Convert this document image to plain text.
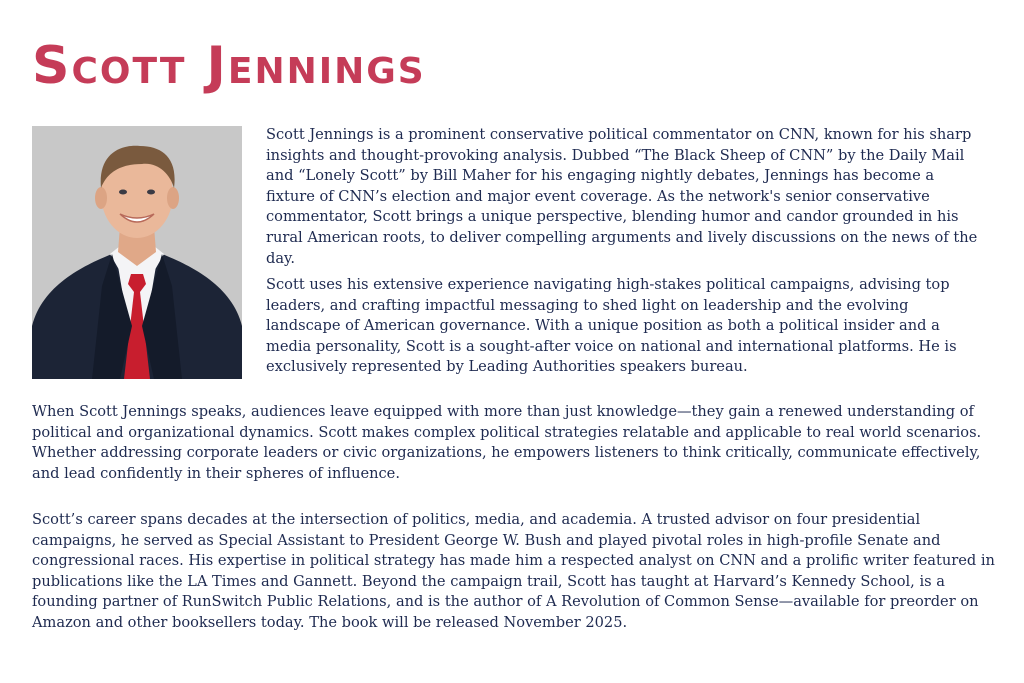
Scott Jennings

Scott Jennings is a prominent conservative political commentator on CNN, known for his sharp insights and thought-provoking analysis. Dubbed “The Black Sheep of CNN” by the Daily Mail and “Lonely Scott” by Bill Maher for his engaging nightly debates, Jennings has become a fixture of CNN’s election and major event coverage. As the network's senior conservative commentator, Scott brings a unique perspective, blending humor and candor grounded in his rural American roots, to deliver compelling arguments and lively discussions on the news of the day.

Scott uses his extensive experience navigating high-stakes political campaigns, advising top leaders, and crafting impactful messaging to shed light on leadership and the evolving landscape of American governance. With a unique position as both a political insider and a media personality, Scott is a sought-after voice on national and international platforms. He is exclusively represented by Leading Authorities speakers bureau.

When Scott Jennings speaks, audiences leave equipped with more than just knowledge—they gain a renewed understanding of political and organizational dynamics. Scott makes complex political strategies relatable and applicable to real world scenarios. Whether addressing corporate leaders or civic organizations, he empowers listeners to think critically, communicate effectively, and lead confidently in their spheres of influence.

Scott’s career spans decades at the intersection of politics, media, and academia. A trusted advisor on four presidential campaigns, he served as Special Assistant to President George W. Bush and played pivotal roles in high-profile Senate and congressional races. His expertise in political strategy has made him a respected analyst on CNN and a prolific writer featured in publications like the LA Times and Gannett. Beyond the campaign trail, Scott has taught at Harvard’s Kennedy School, is a founding partner of RunSwitch Public Relations, and is the author of A Revolution of Common Sense—available for preorder on Amazon and other booksellers today. The book will be released November 2025.
